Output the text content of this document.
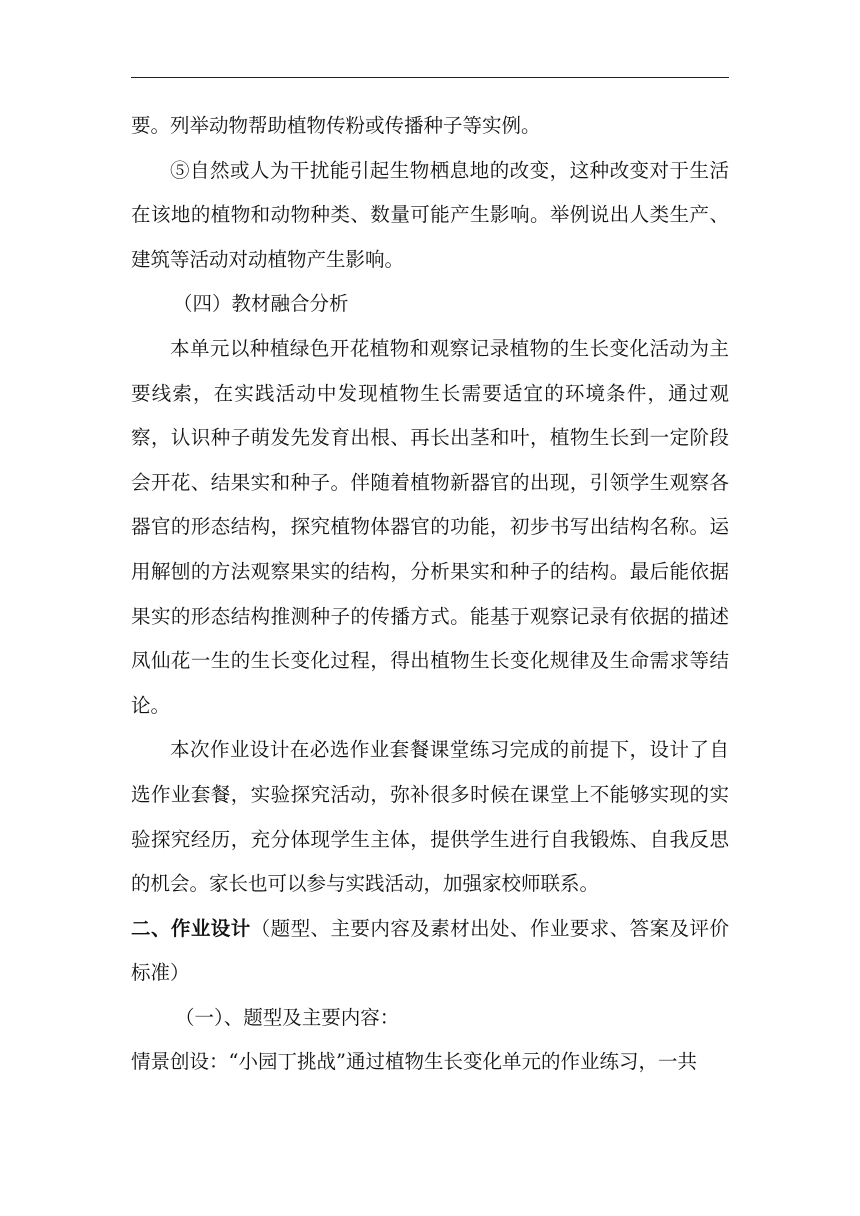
要。列举动物帮助植物传粉或传播种子等实例。

⑤自然或人为干扰能引起生物栖息地的改变，这种改变对于生活在该地的植物和动物种类、数量可能产生影响。举例说出人类生产、建筑等活动对动植物产生影响。

（四）教材融合分析

本单元以种植绿色开花植物和观察记录植物的生长变化活动为主要线索，在实践活动中发现植物生长需要适宜的环境条件，通过观察，认识种子萌发先发育出根、再长出茎和叶，植物生长到一定阶段会开花、结果实和种子。伴随着植物新器官的出现，引领学生观察各器官的形态结构，探究植物体器官的功能，初步书写出结构名称。运用解刨的方法观察果实的结构，分析果实和种子的结构。最后能依据果实的形态结构推测种子的传播方式。能基于观察记录有依据的描述凤仙花一生的生长变化过程，得出植物生长变化规律及生命需求等结论。

本次作业设计在必选作业套餐课堂练习完成的前提下，设计了自选作业套餐，实验探究活动，弥补很多时候在课堂上不能够实现的实验探究经历，充分体现学生主体，提供学生进行自我锻炼、自我反思的机会。家长也可以参与实践活动，加强家校师联系。

二、作业设计（题型、主要内容及素材出处、作业要求、答案及评价标准）

（一）、题型及主要内容：

情景创设：“小园丁挑战”通过植物生长变化单元的作业练习，一共
